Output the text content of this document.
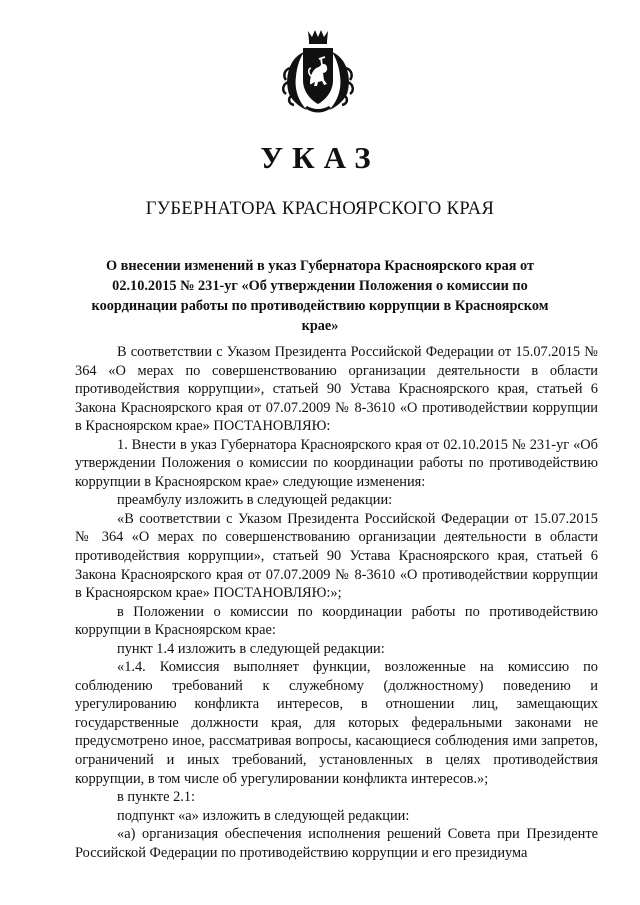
УКАЗ
ГУБЕРНАТОРА КРАСНОЯРСКОГО КРАЯ
О внесении изменений в указ Губернатора Красноярского края от 02.10.2015 № 231-уг «Об утверждении Положения о комиссии по координации работы по противодействию коррупции в Красноярском крае»

В соответствии с Указом Президента Российской Федерации от 15.07.2015 № 364 «О мерах по совершенствованию организации деятельности в области противодействия коррупции», статьей 90 Устава Красноярского края, статьей 6 Закона Красноярского края от 07.07.2009 № 8-3610 «О противодействии коррупции в Красноярском крае» ПОСТАНОВЛЯЮ:

1. Внести в указ Губернатора Красноярского края от 02.10.2015 № 231-уг «Об утверждении Положения о комиссии по координации работы по противодействию коррупции в Красноярском крае» следующие изменения:

преамбулу изложить в следующей редакции:

«В соответствии с Указом Президента Российской Федерации от 15.07.2015 № 364 «О мерах по совершенствованию организации деятельности в области противодействия коррупции», статьей 90 Устава Красноярского края, статьей 6 Закона Красноярского края от 07.07.2009 № 8-3610 «О противодействии коррупции в Красноярском крае» ПОСТАНОВЛЯЮ:»;

в Положении о комиссии по координации работы по противодействию коррупции в Красноярском крае:

пункт 1.4 изложить в следующей редакции:

«1.4. Комиссия выполняет функции, возложенные на комиссию по соблюдению требований к служебному (должностному) поведению и урегулированию конфликта интересов, в отношении лиц, замещающих государственные должности края, для которых федеральными законами не предусмотрено иное, рассматривая вопросы, касающиеся соблюдения ими запретов, ограничений и иных требований, установленных в целях противодействия коррупции, в том числе об урегулировании конфликта интересов.»;

в пункте 2.1:

подпункт «а» изложить в следующей редакции:

«а) организация обеспечения исполнения решений Совета при Президенте Российской Федерации по противодействию коррупции и его президиума
